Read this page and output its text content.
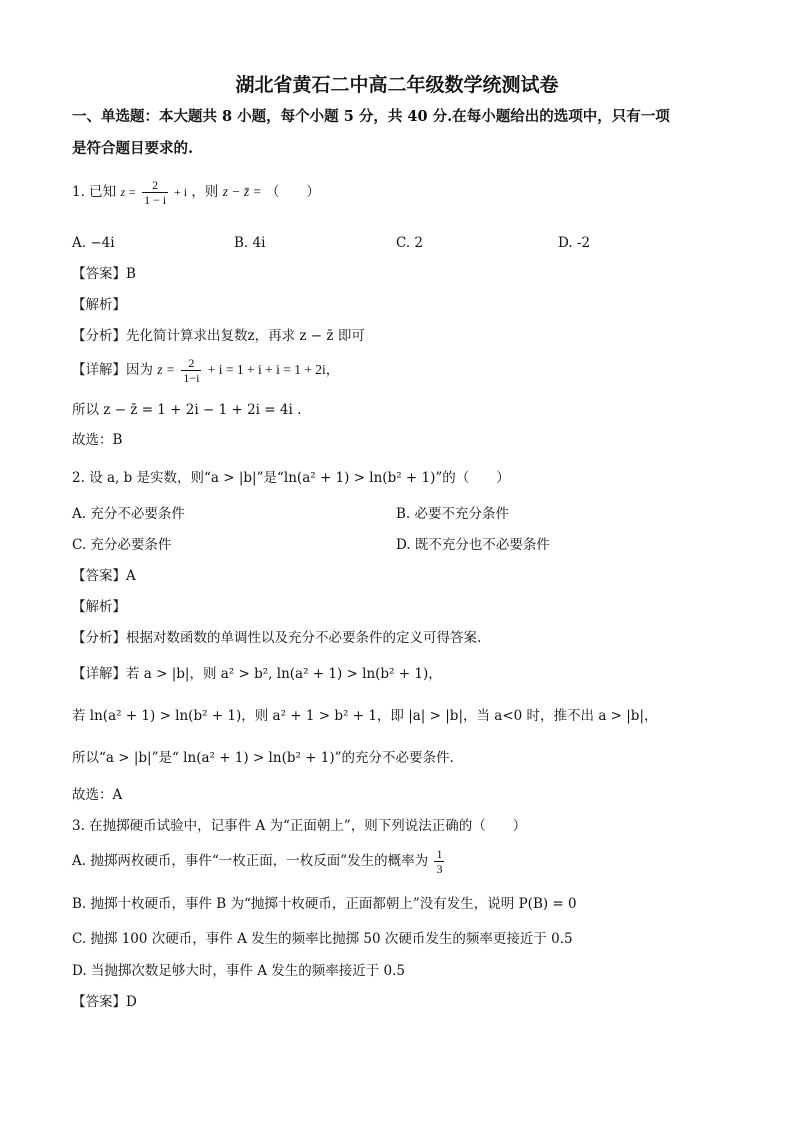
湖北省黄石二中高二年级数学统测试卷
一、单选题：本大题共 8 小题，每个小题 5 分，共 40 分.在每小题给出的选项中，只有一项
是符合题目要求的.
1. 已知 $z = \frac{2}{1 - i} + i$ ，则 z − z̄ = （　　）
A. −4i	B. 4i	C. 2	D. -2
【答案】B
【解析】
【分析】先化简计算求出复数z，再求 z − z̄ 即可
【详解】因为 $z = \frac{2}{1-i} + i = 1 + i + i = 1 + 2i$，
所以 z − z̄ = 1 + 2i − 1 + 2i = 4i .
故选：B
2. 设 a, b 是实数，则“a > |b|”是“ln(a² + 1) > ln(b² + 1)”的（　　）
A. 充分不必要条件	B. 必要不充分条件
C. 充分必要条件	D. 既不充分也不必要条件
【答案】A
【解析】
【分析】根据对数函数的单调性以及充分不必要条件的定义可得答案.
【详解】若 a > |b|，则 a² > b², ln(a² + 1) > ln(b² + 1)，
若 ln(a² + 1) > ln(b² + 1)，则 a² + 1 > b² + 1，即 |a| > |b|，当 a<0 时，推不出 a > |b|，
所以“a > |b|”是“ ln(a² + 1) > ln(b² + 1)”的充分不必要条件.
故选：A
3. 在抛掷硬币试验中，记事件 A 为“正面朝上”，则下列说法正确的（　　）
A. 抛掷两枚硬币，事件“一枚正面，一枚反面”发生的概率为 $\frac{1}{3}$
B. 抛掷十枚硬币，事件 B 为“抛掷十枚硬币，正面都朝上”没有发生，说明 P(B) = 0
C. 抛掷 100 次硬币，事件 A 发生的频率比抛掷 50 次硬币发生的频率更接近于 0.5
D. 当抛掷次数足够大时，事件 A 发生的频率接近于 0.5
【答案】D
